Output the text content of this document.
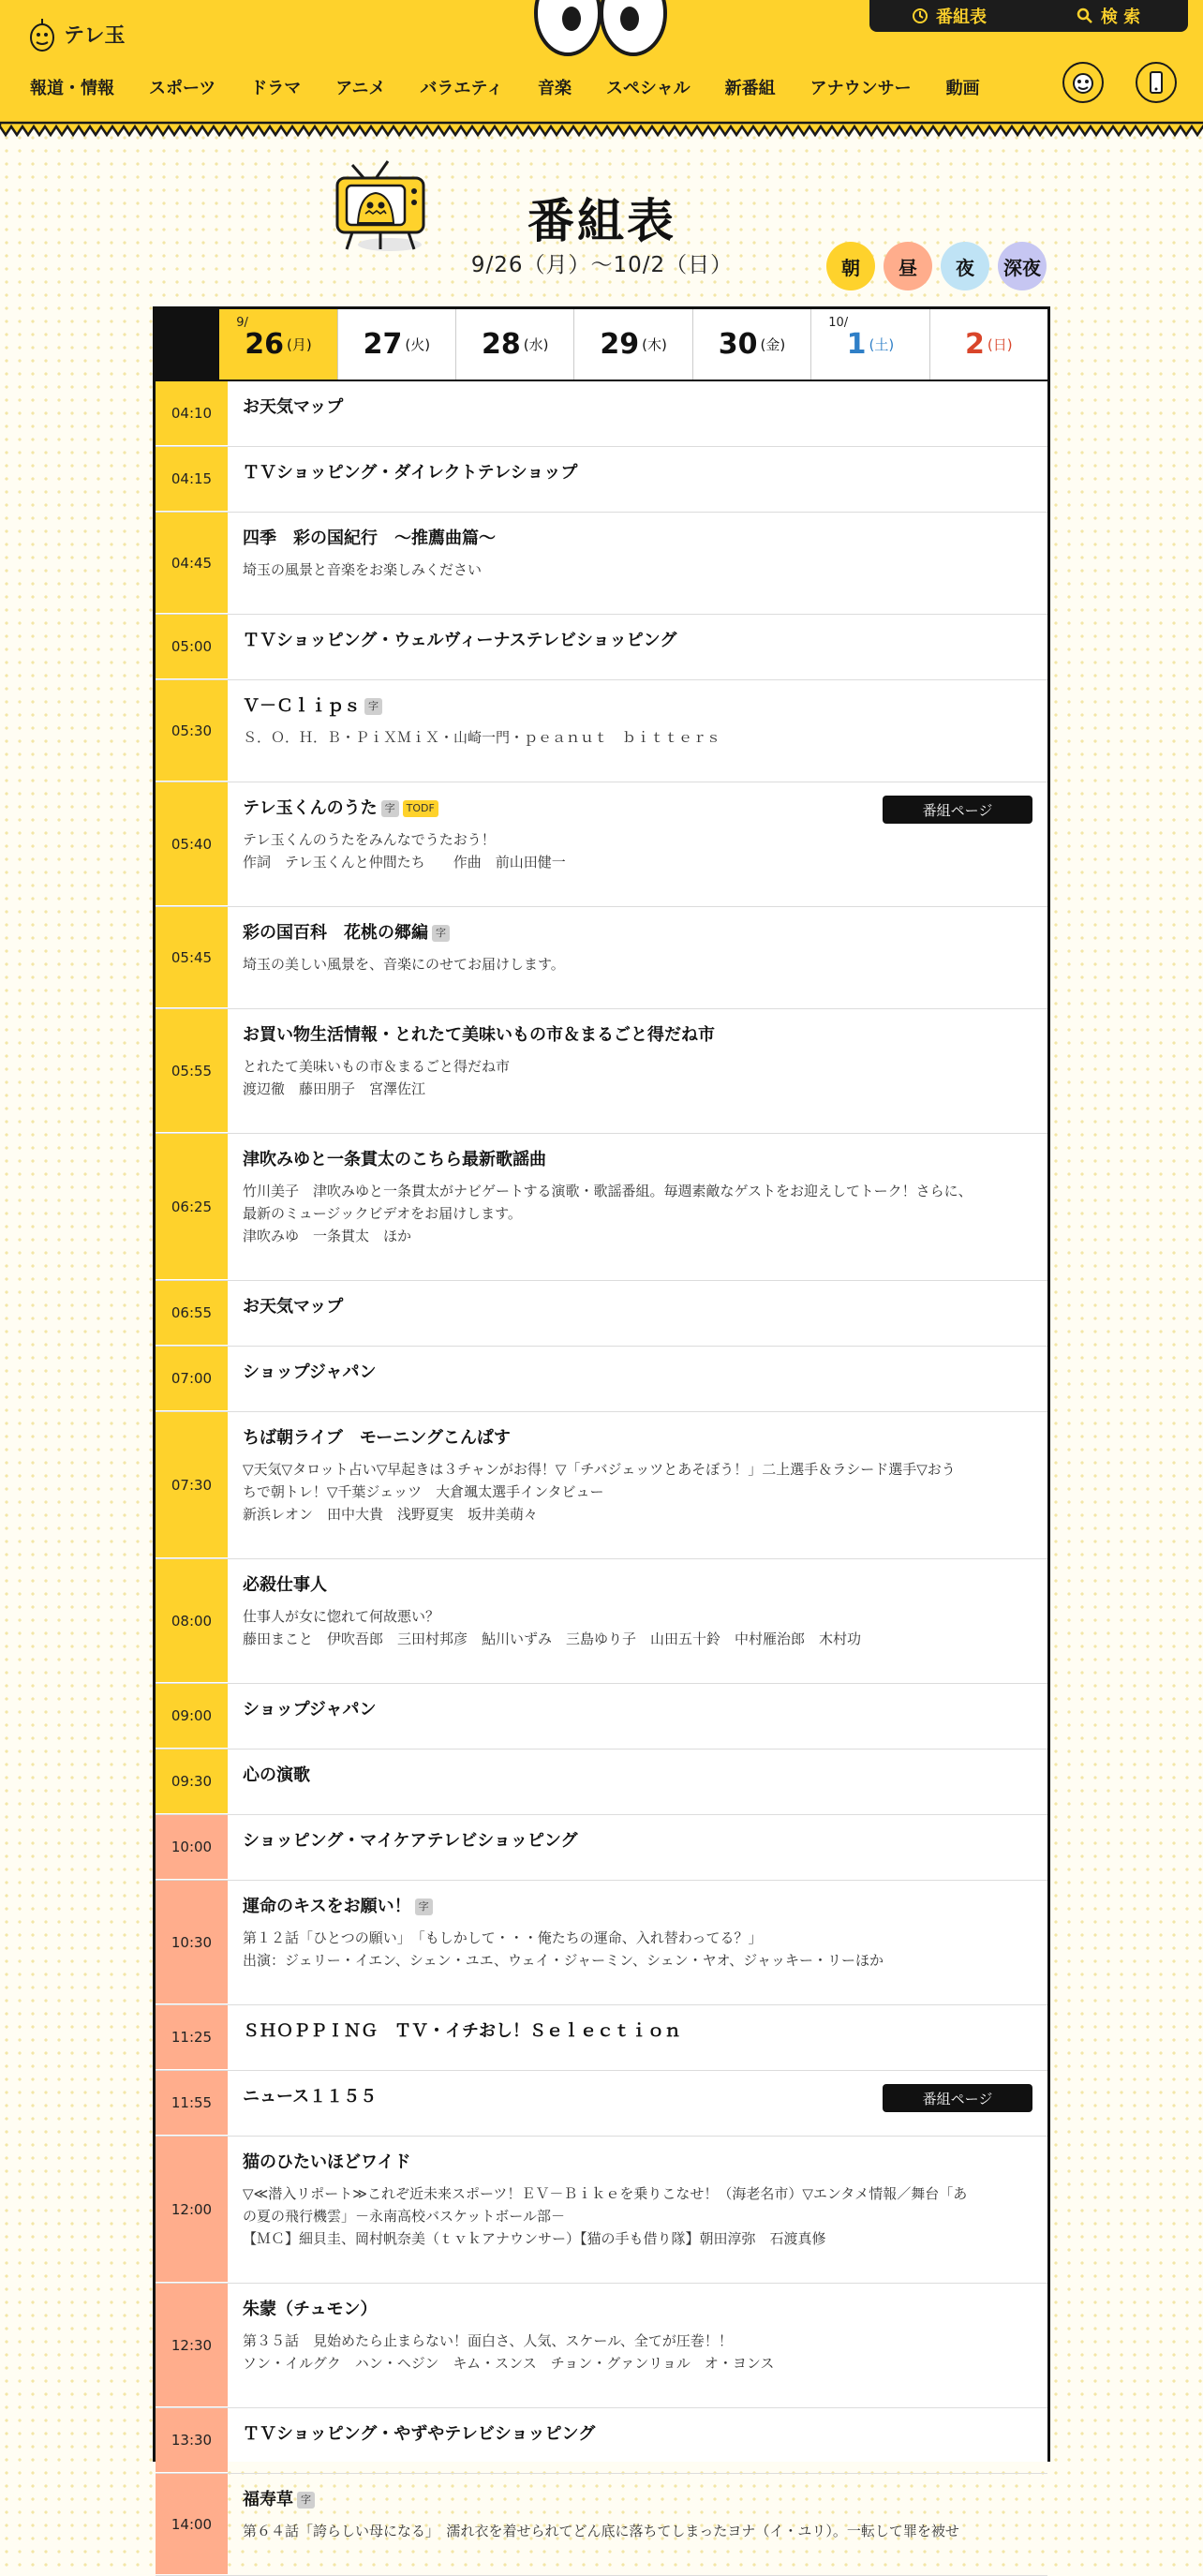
テレ玉
番組表	検 索
報道・情報 スポーツ ドラマ アニメ バラエティ 音楽 スペシャル 新番組 アナウンサー 動画
番組表
9/26（月）〜10/2（日）	朝	昼	夜	深夜
9/
26 (月) 27 (火) 28 (水) 29 (木) 30 (金)
10/
1 (土)	2 (日)
04:10	お天気マップ
04:15	ＴＶショッピング・ダイレクトテレショップ
04:45
四季　彩の国紀行　～推薦曲篇～
埼玉の風景と音楽をお楽しみください
05:00	ＴＶショッピング・ウェルヴィーナステレビショッピング
05:30
Ｖ－Ｃｌｉｐｓ 字
Ｓ．Ｏ．Ｈ．Ｂ・ＰｉＸＭｉＸ・山崎一門・ｐｅａｎｕｔ　ｂｉｔｔｅｒｓ
05:40
テレ玉くんのうた 字 TODF
テレ玉くんのうたをみんなでうたおう！
作詞　テレ玉くんと仲間たち　　作曲　前山田健一
番組ページ
05:45
彩の国百科　花桃の郷編 字
埼玉の美しい風景を、音楽にのせてお届けします。
05:55
お買い物生活情報・とれたて美味いもの市＆まるごと得だね市
とれたて美味いもの市＆まるごと得だね市
渡辺徹　藤田朋子　宮澤佐江
06:25
津吹みゆと一条貫太のこちら最新歌謡曲
竹川美子　津吹みゆと一条貫太がナビゲートする演歌・歌謡番組。毎週素敵なゲストをお迎えしてトーク！さらに、
最新のミュージックビデオをお届けします。
津吹みゆ　一条貫太　ほか
06:55	お天気マップ
07:00	ショップジャパン
07:30
ちば朝ライブ　モーニングこんぱす
▽天気▽タロット占い▽早起きは３チャンがお得！▽「チバジェッツとあそぼう！」二上選手＆ラシード選手▽おう
ちで朝トレ！▽千葉ジェッツ　大倉颯太選手インタビュー
新浜レオン　田中大貴　浅野夏実　坂井美萌々
08:00
必殺仕事人
仕事人が女に惚れて何故悪い？
藤田まこと　伊吹吾郎　三田村邦彦　鮎川いずみ　三島ゆり子　山田五十鈴　中村雁治郎　木村功
09:00	ショップジャパン
09:30	心の演歌
10:00	ショッピング・マイケアテレビショッピング
10:30
運命のキスをお願い！ 字
第１２話「ひとつの願い」　「もしかして・・・俺たちの運命、入れ替わってる？」
出演：ジェリー・イエン、シェン・ユエ、ウェイ・ジャーミン、シェン・ヤオ、ジャッキー・リーほか
11:25	ＳＨＯＰＰＩＮＧ　ＴＶ・イチおし！Ｓｅｌｅｃｔｉｏｎ
11:55	ニュース１１５５	番組ページ
12:00
猫のひたいほどワイド
▽≪潜入リポート≫これぞ近未来スポーツ！ＥＶ－Ｂｉｋｅを乗りこなせ！（海老名市）▽エンタメ情報／舞台「あ
の夏の飛行機雲」－永南高校バスケットボール部－
【ＭＣ】細貝圭、岡村帆奈美（ｔｖｋアナウンサー）【猫の手も借り隊】朝田淳弥　石渡真修
12:30
朱蒙（チュモン）
第３５話　見始めたら止まらない！面白さ、人気、スケール、全てが圧巻！！
ソン・イルグク　ハン・ヘジン　キム・スンス　チョン・グァンリョル　オ・ヨンス
13:30	ＴＶショッピング・やずやテレビショッピング
14:00
福寿草 字
第６４話「誇らしい母になる」　濡れ衣を着せられてどん底に落ちてしまったヨナ（イ・ユリ）。一転して罪を被せ
